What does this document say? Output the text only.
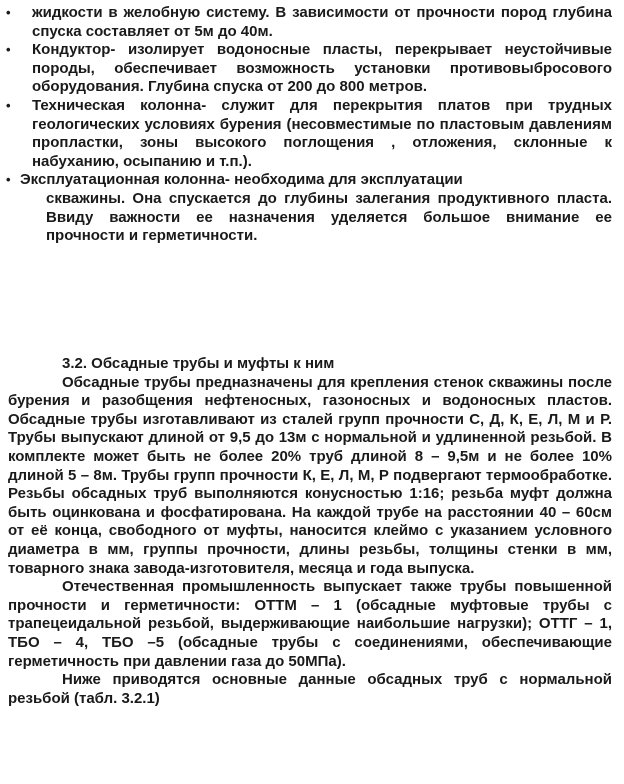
•	жидкости в желобную систему. В зависимости от прочности пород глубина спуска составляет от 5м до 40м.
•	Кондуктор- изолирует водоносные пласты, перекрывает неустойчивые породы, обеспечивает возможность установки противовыбросового оборудования. Глубина спуска от 200 до 800 метров.
•	Техническая колонна- служит для перекрытия платов при трудных геологических условиях бурения (несовместимые по пластовым давлениям пропластки, зоны высокого поглощения , отложения, склонные к набуханию, осыпанию и т.п.).
• Эксплуатационная колонна- необходима для эксплуатации

скважины. Она спускается до глубины залегания продуктивного пласта. Ввиду важности ее назначения уделяется большое внимание ее прочности и герметичности.

3.2. Обсадные трубы и муфты к ним

Обсадные трубы предназначены для крепления стенок скважины после бурения и разобщения нефтеносных, газоносных и водоносных пластов. Обсадные трубы изготавливают из сталей групп прочности С, Д, К, Е, Л, М и Р. Трубы выпускают длиной от 9,5 до 13м с нормальной и удлиненной резьбой. В комплекте может быть не более 20% труб длиной 8 – 9,5м и не более 10% длиной 5 – 8м. Трубы групп прочности К, Е, Л, М, Р подвергают термообработке. Резьбы обсадных труб выполняются конусностью 1:16; резьба муфт должна быть оцинкована и фосфатирована. На каждой трубе на расстоянии 40 – 60см от её конца, свободного от муфты, наносится клеймо с указанием условного диаметра в мм, группы прочности, длины резьбы, толщины стенки в мм, товарного знака завода-изготовителя, месяца и года выпуска.

Отечественная промышленность выпускает также трубы повышенной прочности и герметичности: ОТТМ – 1 (обсадные муфтовые трубы с трапецеидальной резьбой, выдерживающие наибольшие нагрузки); ОТТГ – 1, ТБО – 4, ТБО –5 (обсадные трубы с соединениями, обеспечивающие герметичность при давлении газа до 50МПа).

Ниже приводятся основные данные обсадных труб с нормальной резьбой (табл. 3.2.1)
